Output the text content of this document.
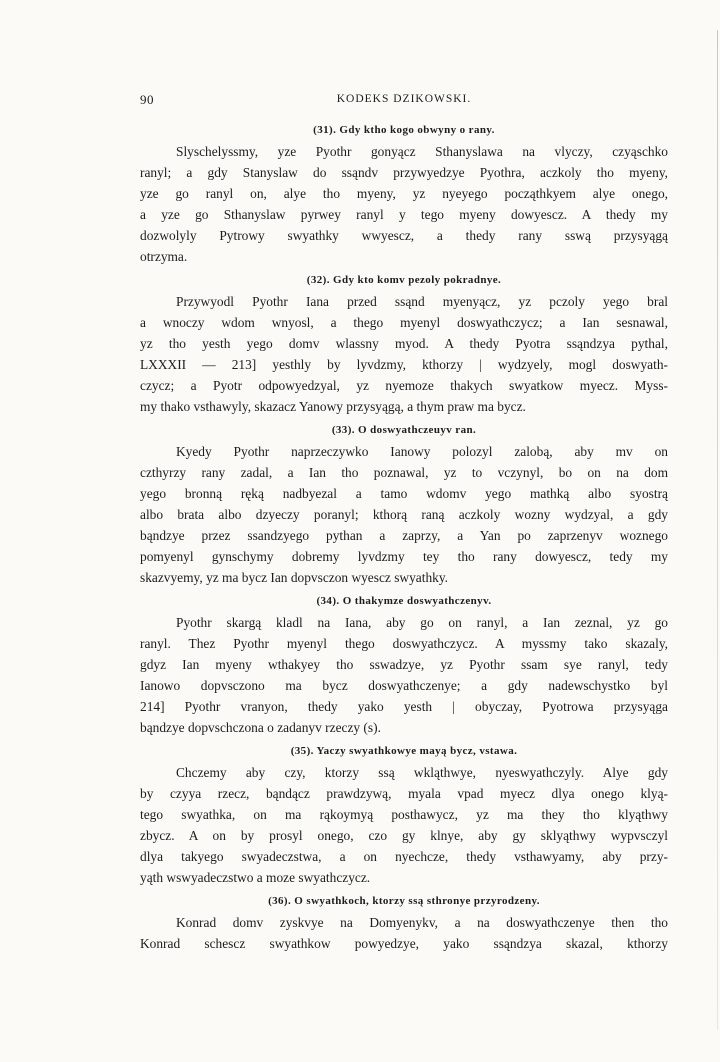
90	KODEKS DZIKOWSKI.
(31). Gdy ktho kogo obwyny o rany.
Slyschelyssmy, yze Pyothr gonyącz Sthanyslawa na vlyczy, czyąschko
ranyl; a gdy Stanyslaw do ssąndv przywyedzye Pyothra, aczkoly tho myeny,
yze go ranyl on, alye tho myeny, yz nyeyego począthkyem alye onego,
a yze go Sthanyslaw pyrwey ranyl y tego myeny dowyescz. A thedy my
dozwolyly Pytrowy swyathky wwyescz, a thedy rany sswą przysyągą
otrzyma.
(32). Gdy kto komv pezoly pokradnye.
Przywyodl Pyothr Iana przed ssąnd myenyącz, yz pczoly yego bral
a wnoczy wdom wnyosl, a thego myenyl doswyathczycz; a Ian sesnawal,
yz tho yesth yego domv wlassny myod. A thedy Pyotra ssąndzya pythal,
LXXXII — 213] yesthly by lyvdzmy, kthorzy | wydzyely, mogl doswyath-
czycz; a Pyotr odpowyedzyal, yz nyemoze thakych swyatkow myecz. Myss-
my thako vsthawyly, skazacz Yanowy przysyągą, a thym praw ma bycz.
(33). O doswyathczeuyv ran.
Kyedy Pyothr naprzeczywko Ianowy polozyl zalobą, aby mv on
czthyrzy rany zadal, a Ian tho poznawal, yz to vczynyl, bo on na dom
yego bronną ręką nadbyezal a tamo wdomv yego mathką albo syostrą
albo brata albo dzyeczy poranyl; kthorą raną aczkoly wozny wydzyal, a gdy
bąndzye przez ssandzyego pythan a zaprzy, a Yan po zaprzenyv woznego
pomyenyl gynschymy dobremy lyvdzmy tey tho rany dowyescz, tedy my
skazvyemy, yz ma bycz Ian dopvsczon wyescz swyathky.
(34). O thakymze doswyathczenyv.
Pyothr skargą kladl na Iana, aby go on ranyl, a Ian zeznal, yz go
ranyl. Thez Pyothr myenyl thego doswyathczycz. A myssmy tako skazaly,
gdyz Ian myeny wthakyey tho sswadzye, yz Pyothr ssam sye ranyl, tedy
Ianowo dopvsczono ma bycz doswyathczenye; a gdy nadewschystko byl
214] Pyothr vranyon, thedy yako yesth | obyczay, Pyotrowa przysyąga
bąndzye dopvschczona o zadanyv rzeczy (s).
(35). Yaczy swyathkowye mayą bycz, vstawa.
Chczemy aby czy, ktorzy ssą wkląthwye, nyeswyathczyly. Alye gdy
by czyya rzecz, bąndącz prawdzywą, myala vpad myecz dlya onego klyą-
tego swyathka, on ma rąkoymyą posthawycz, yz ma they tho klyąthwy
zbycz. A on by prosyl onego, czo gy klnye, aby gy sklyąthwy wypvsczyl
dlya takyego swyadeczstwa, a on nyechcze, thedy vsthawyamy, aby przy-
yąth wswyadeczstwo a moze swyathczycz.
(36). O swyathkoch, ktorzy ssą sthronye przyrodzeny.
Konrad domv zyskvye na Domyenykv, a na doswyathczenye then tho
Konrad schescz swyathkow powyedzye, yako ssąndzya skazal, kthorzy
